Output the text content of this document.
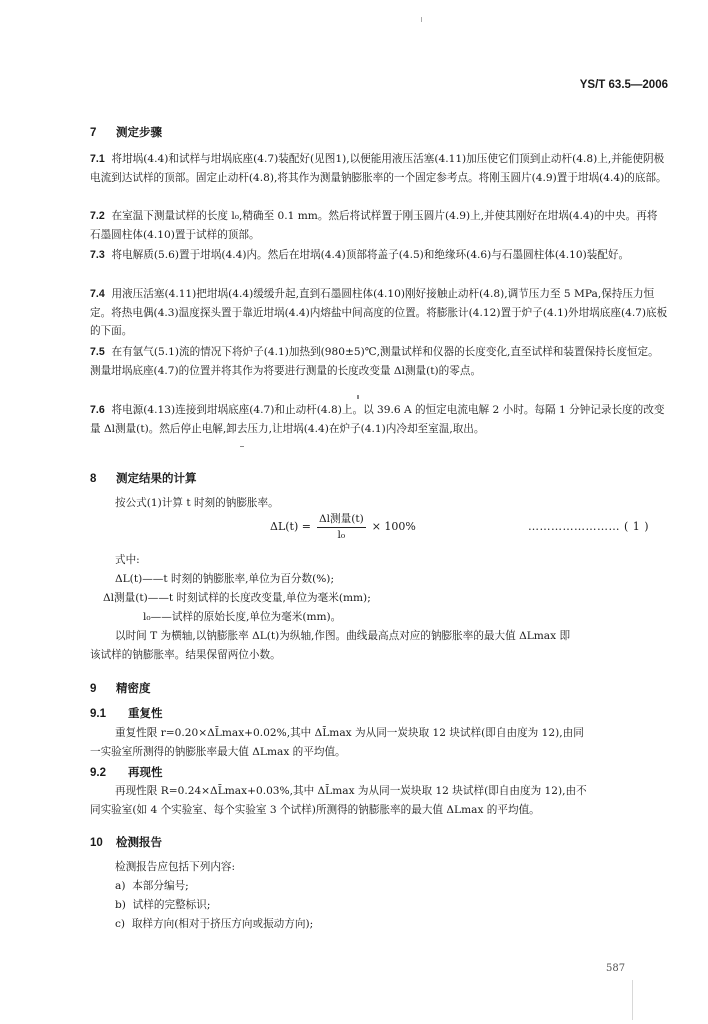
YS/T 63.5—2006
7 测定步骤
7.1 将坩埚(4.4)和试样与坩埚底座(4.7)装配好(见图1),以便能用液压活塞(4.11)加压使它们顶到止动杆(4.8)上,并能使阴极电流到达试样的顶部。固定止动杆(4.8),将其作为测量钠膨胀率的一个固定参考点。将刚玉圆片(4.9)置于坩埚(4.4)的底部。
7.2 在室温下测量试样的长度 l₀,精确至 0.1 mm。然后将试样置于刚玉圆片(4.9)上,并使其刚好在坩埚(4.4)的中央。再将石墨圆柱体(4.10)置于试样的顶部。
7.3 将电解质(5.6)置于坩埚(4.4)内。然后在坩埚(4.4)顶部将盖子(4.5)和绝缘环(4.6)与石墨圆柱体(4.10)装配好。
7.4 用液压活塞(4.11)把坩埚(4.4)缓缓升起,直到石墨圆柱体(4.10)刚好接触止动杆(4.8),调节压力至 5 MPa,保持压力恒定。将热电偶(4.3)温度探头置于靠近坩埚(4.4)内熔盐中间高度的位置。将膨胀计(4.12)置于炉子(4.1)外坩埚底座(4.7)底板的下面。
7.5 在有氩气(5.1)流的情况下将炉子(4.1)加热到(980±5)℃,测量试样和仪器的长度变化,直至试样和装置保持长度恒定。测量坩埚底座(4.7)的位置并将其作为将要进行测量的长度改变量 Δl测量(t)的零点。
7.6 将电源(4.13)连接到坩埚底座(4.7)和止动杆(4.8)上。以 39.6 A 的恒定电流电解 2 小时。每隔 1 分钟记录长度的改变量 Δl测量(t)。然后停止电解,卸去压力,让坩埚(4.4)在炉子(4.1)内冷却至室温,取出。
8 测定结果的计算
按公式(1)计算 t 时刻的钠膨胀率。
$\Delta L(t) = \frac{\text{Δl测量(t)}}{\text{l₀}} \times 100\%$	…………………… ( 1 )
式中:
ΔL(t)——t 时刻的钠膨胀率,单位为百分数(%);
Δl测量(t)——t 时刻试样的长度改变量,单位为毫米(mm);
l₀——试样的原始长度,单位为毫米(mm)。
以时间 T 为横轴,以钠膨胀率 ΔL(t)为纵轴,作图。曲线最高点对应的钠膨胀率的最大值 ΔLmax 即
该试样的钠膨胀率。结果保留两位小数。
9 精密度
9.1 重复性
重复性限 r=0.20×ΔL̄max+0.02%,其中 ΔL̄max 为从同一炭块取 12 块试样(即自由度为 12),由同
一实验室所测得的钠膨胀率最大值 ΔLmax 的平均值。
9.2 再现性
再现性限 R=0.24×ΔL̄max+0.03%,其中 ΔL̄max 为从同一炭块取 12 块试样(即自由度为 12),由不
同实验室(如 4 个实验室、每个实验室 3 个试样)所测得的钠膨胀率的最大值 ΔLmax 的平均值。
10 检测报告
检测报告应包括下列内容:
a) 本部分编号;
b) 试样的完整标识;
c) 取样方向(相对于挤压方向或振动方向);
587
